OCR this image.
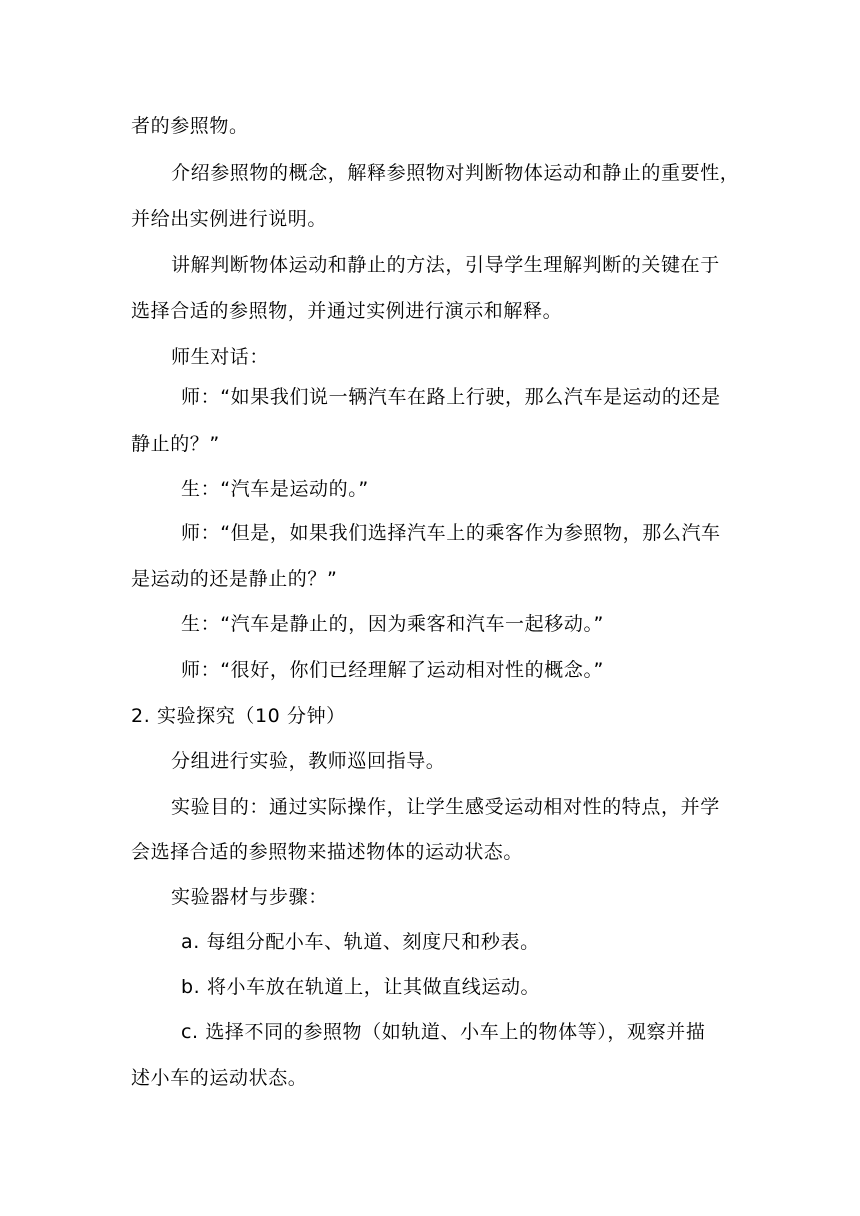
者的参照物。
介绍参照物的概念，解释参照物对判断物体运动和静止的重要性，
并给出实例进行说明。
讲解判断物体运动和静止的方法，引导学生理解判断的关键在于
选择合适的参照物，并通过实例进行演示和解释。
师生对话：
师：“如果我们说一辆汽车在路上行驶，那么汽车是运动的还是
静止的？”
生：“汽车是运动的。”
师：“但是，如果我们选择汽车上的乘客作为参照物，那么汽车
是运动的还是静止的？”
生：“汽车是静止的，因为乘客和汽车一起移动。”
师：“很好，你们已经理解了运动相对性的概念。”
2. 实验探究（10 分钟）
分组进行实验，教师巡回指导。
实验目的：通过实际操作，让学生感受运动相对性的特点，并学
会选择合适的参照物来描述物体的运动状态。
实验器材与步骤：
a. 每组分配小车、轨道、刻度尺和秒表。
b. 将小车放在轨道上，让其做直线运动。
c. 选择不同的参照物（如轨道、小车上的物体等），观察并描
述小车的运动状态。
